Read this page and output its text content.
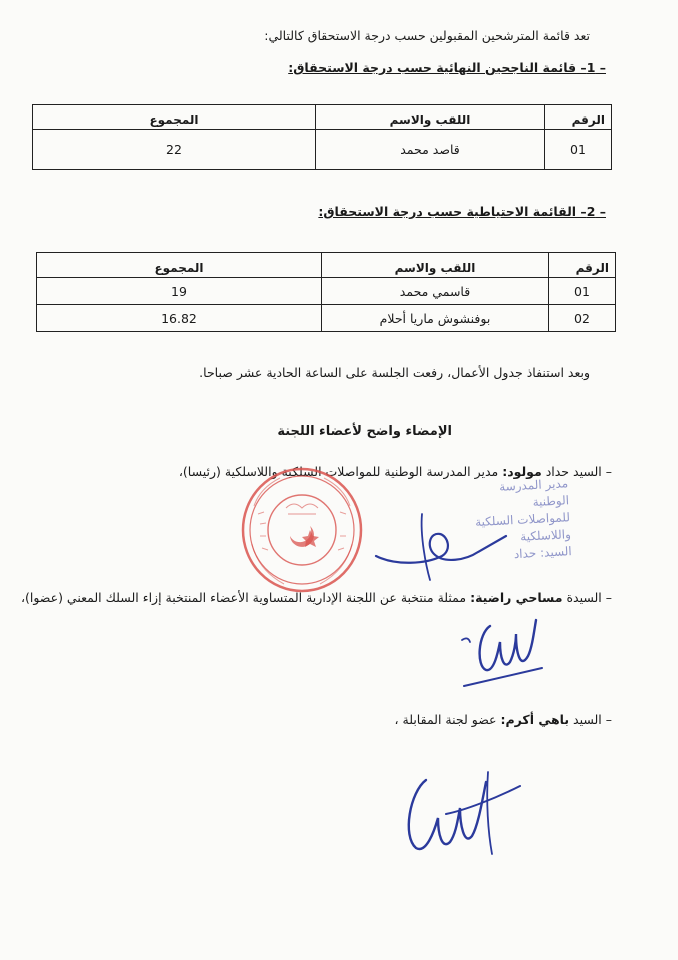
تعد قائمة المترشحين المقبولين حسب درجة الاستحقاق كالتالي:
– 1– قائمة الناجحين النهائية حسب درجة الاستحقاق:
الرقم	اللقب والاسم	المجموع
01	قاصد محمد	22
– 2– القائمة الاحتياطية حسب درجة الاستحقاق:
الرقم	اللقب والاسم	المجموع
01	قاسمي محمد	19
02	بوفنشوش ماريا أحلام	16.82
وبعد استنفاذ جدول الأعمال، رفعت الجلسة على الساعة الحادية عشر صباحا.
الإمضاء واضح لأعضاء اللجنة
– السيد حداد مولود: مدير المدرسة الوطنية للمواصلات السلكية واللاسلكية (رئيسا)،
مدير المدرسة الوطنية
للمواصلات السلكية واللاسلكية
السيد: حداد
– السيدة مساحي راضية: ممثلة منتخبة عن اللجنة الإدارية المتساوية الأعضاء المنتخبة إزاء السلك المعني (عضوا)،
– السيد باهي أكرم: عضو لجنة المقابلة ،
